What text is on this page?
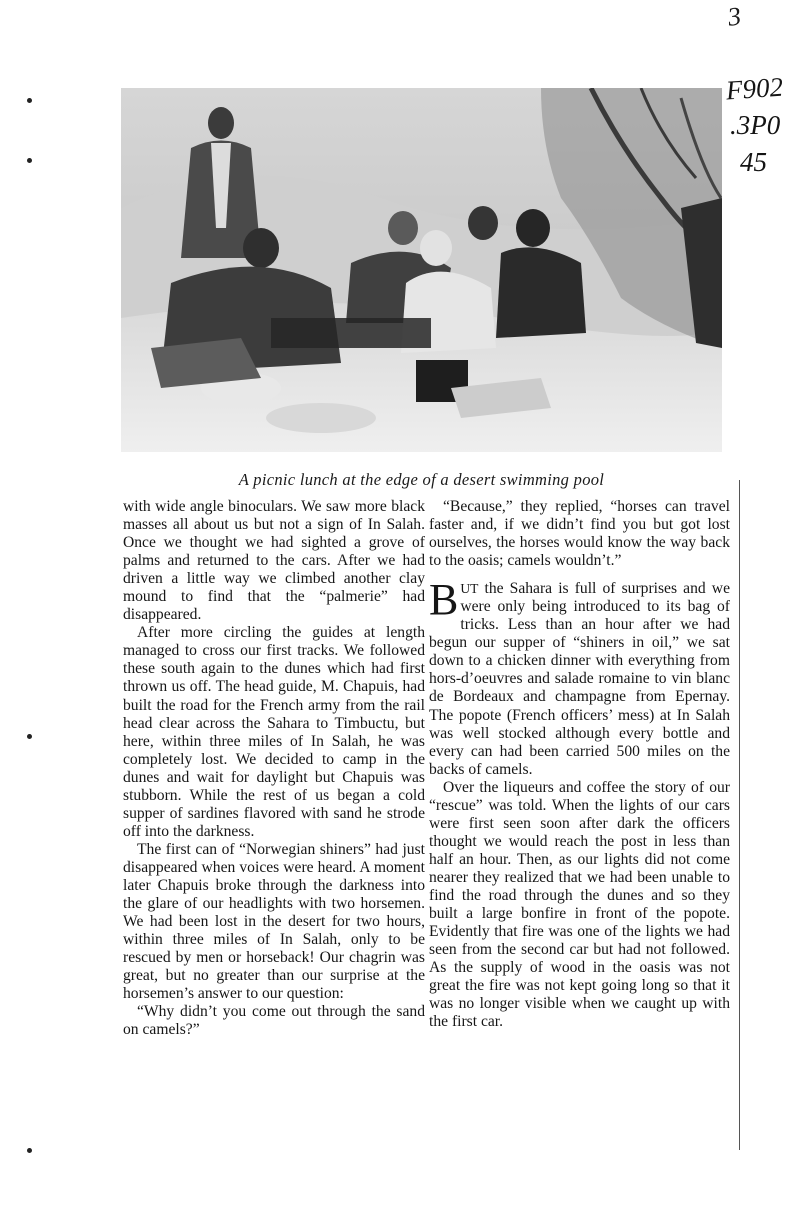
3
F902
.3P0
45
A picnic lunch at the edge of a desert swimming pool

with wide angle binoculars. We saw more black masses all about us but not a sign of In Salah. Once we thought we had sighted a grove of palms and returned to the cars. After we had driven a little way we climbed another clay mound to find that the “palmerie” had disappeared.

After more circling the guides at length managed to cross our first tracks. We followed these south again to the dunes which had first thrown us off. The head guide, M. Chapuis, had built the road for the French army from the rail head clear across the Sahara to Timbuctu, but here, within three miles of In Salah, he was completely lost. We decided to camp in the dunes and wait for daylight but Chapuis was stubborn. While the rest of us began a cold supper of sardines flavored with sand he strode off into the darkness.

The first can of “Norwegian shiners” had just disappeared when voices were heard. A moment later Chapuis broke through the darkness into the glare of our headlights with two horsemen. We had been lost in the desert for two hours, within three miles of In Salah, only to be rescued by men or horseback! Our chagrin was great, but no greater than our surprise at the horsemen’s answer to our question:

“Why didn’t you come out through the sand on camels?”

“Because,” they replied, “horses can travel faster and, if we didn’t find you but got lost ourselves, the horses would know the way back to the oasis; camels wouldn’t.”

BUT the Sahara is full of surprises and we were only being introduced to its bag of tricks. Less than an hour after we had begun our supper of “shiners in oil,” we sat down to a chicken dinner with everything from hors-d’oeuvres and salade romaine to vin blanc de Bordeaux and champagne from Epernay. The popote (French officers’ mess) at In Salah was well stocked although every bottle and every can had been carried 500 miles on the backs of camels.

Over the liqueurs and coffee the story of our “rescue” was told. When the lights of our cars were first seen soon after dark the officers thought we would reach the post in less than half an hour. Then, as our lights did not come nearer they realized that we had been unable to find the road through the dunes and so they built a large bonfire in front of the popote. Evidently that fire was one of the lights we had seen from the second car but had not followed. As the supply of wood in the oasis was not great the fire was not kept going long so that it was no longer visible when we caught up with the first car.
